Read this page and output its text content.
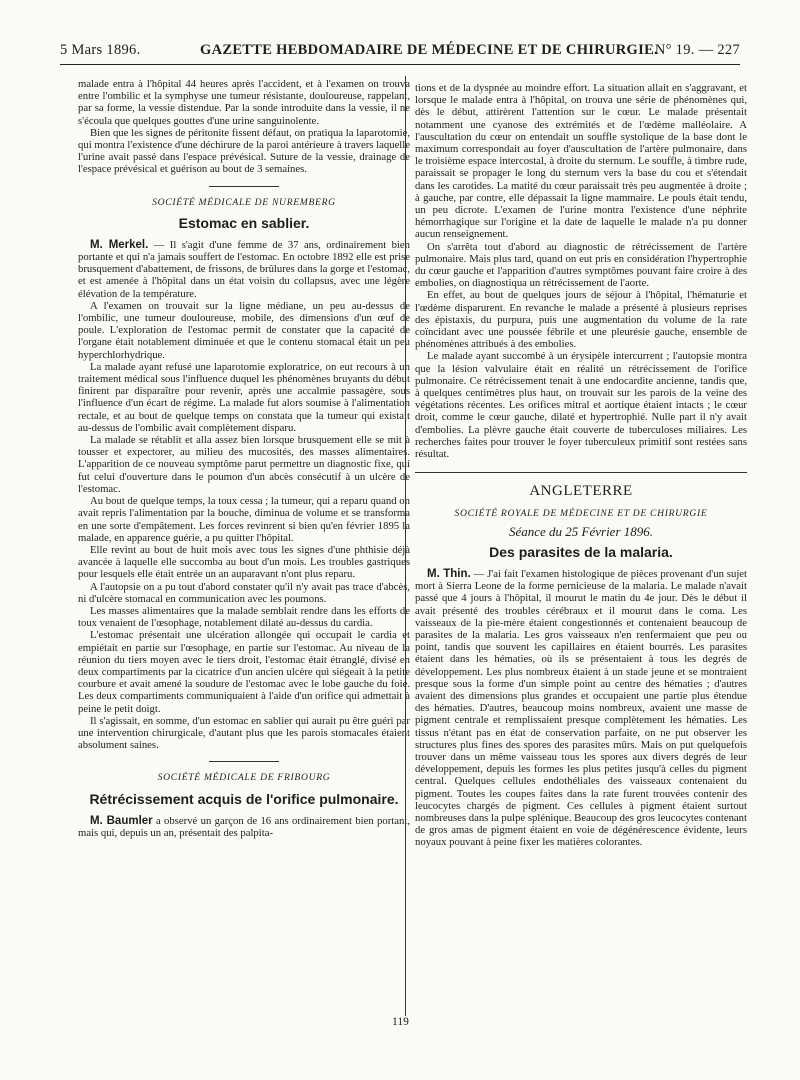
5 Mars 1896.	GAZETTE HEBDOMADAIRE DE MÉDECINE ET DE CHIRURGIE.
N° 19. — 227

malade entra à l'hôpital 44 heures après l'accident, et à l'examen on trouva entre l'ombilic et la symphyse une tumeur résistante, douloureuse, rappelant, par sa forme, la vessie distendue. Par la sonde introduite dans la vessie, il ne s'écoula que quelques gouttes d'une urine sanguinolente.

Bien que les signes de péritonite fissent défaut, on pratiqua la laparotomie, qui montra l'existence d'une déchirure de la paroi antérieure à travers laquelle l'urine avait passé dans l'espace prévésical. Suture de la vessie, drainage de l'espace prévésical et guérison au bout de 3 semaines.

SOCIÉTÉ MÉDICALE DE NUREMBERG
Estomac en sablier.

M. Merkel. — Il s'agit d'une femme de 37 ans, ordinairement bien portante et qui n'a jamais souffert de l'estomac. En octobre 1892 elle est prise brusquement d'abattement, de frissons, de brûlures dans la gorge et l'estomac, et est amenée à l'hôpital dans un état voisin du collapsus, avec une légère élévation de la température.

A l'examen on trouvait sur la ligne médiane, un peu au-dessus de l'ombilic, une tumeur douloureuse, mobile, des dimensions d'un œuf de poule. L'exploration de l'estomac permit de constater que la capacité de l'organe était notablement diminuée et que le contenu stomacal était un peu hyperchlorhydrique.

La malade ayant refusé une laparotomie exploratrice, on eut recours à un traitement médical sous l'influence duquel les phénomènes bruyants du début finirent par disparaître pour revenir, après une accalmie passagère, sous l'influence d'un écart de régime. La malade fut alors soumise à l'alimentation rectale, et au bout de quelque temps on constata que la tumeur qui existait au-dessus de l'ombilic avait complètement disparu.

La malade se rétablit et alla assez bien lorsque brusquement elle se mit à tousser et expectorer, au milieu des mucosités, des masses alimentaires. L'apparition de ce nouveau symptôme parut permettre un diagnostic fixe, qui fut celui d'ouverture dans le poumon d'un abcès consécutif à un ulcère de l'estomac.

Au bout de quelque temps, la toux cessa ; la tumeur, qui a reparu quand on avait repris l'alimentation par la bouche, diminua de volume et se transforma en une sorte d'empâtement. Les forces revinrent si bien qu'en février 1895 la malade, en apparence guérie, a pu quitter l'hôpital.

Elle revint au bout de huit mois avec tous les signes d'une phthisie déjà avancée à laquelle elle succomba au bout d'un mois. Les troubles gastriques pour lesquels elle était entrée un an auparavant n'ont plus reparu.

A l'autopsie on a pu tout d'abord constater qu'il n'y avait pas trace d'abcès, ni d'ulcère stomacal en communication avec les poumons.

Les masses alimentaires que la malade semblait rendre dans les efforts de toux venaient de l'œsophage, notablement dilaté au-dessus du cardia.

L'estomac présentait une ulcération allongée qui occupait le cardia et empiétait en partie sur l'œsophage, en partie sur l'estomac. Au niveau de la réunion du tiers moyen avec le tiers droit, l'estomac était étranglé, divisé en deux compartiments par la cicatrice d'un ancien ulcère qui siégeait à la petite courbure et avait amené la soudure de l'estomac avec le lobe gauche du foie. Les deux compartiments communiquaient à l'aide d'un orifice qui admettait à peine le petit doigt.

Il s'agissait, en somme, d'un estomac en sablier qui aurait pu être guéri par une intervention chirurgicale, d'autant plus que les parois stomacales étaient absolument saines.

SOCIÉTÉ MÉDICALE DE FRIBOURG
Rétrécissement acquis de l'orifice pulmonaire.

M. Baumler a observé un garçon de 16 ans ordinairement bien portant, mais qui, depuis un an, présentait des palpita-

tions et de la dyspnée au moindre effort. La situation allait en s'aggravant, et lorsque le malade entra à l'hôpital, on trouva une série de phénomènes qui, dès le début, attirèrent l'attention sur le cœur. Le malade présentait notamment une cyanose des extrémités et de l'œdème malléolaire. A l'auscultation du cœur on entendait un souffle systolique de la base dont le maximum correspondait au foyer d'auscultation de l'artère pulmonaire, dans le troisième espace intercostal, à droite du sternum. Le souffle, à timbre rude, paraissait se propager le long du sternum vers la base du cou et s'étendait dans les carotides. La matité du cœur paraissait très peu augmentée à droite ; à gauche, par contre, elle dépassait la ligne mammaire. Le pouls était tendu, un peu dicrote. L'examen de l'urine montra l'existence d'une néphrite hémorrhagique sur l'origine et la date de laquelle le malade n'a pu donner aucun renseignement.

On s'arrêta tout d'abord au diagnostic de rétrécissement de l'artère pulmonaire. Mais plus tard, quand on eut pris en considération l'hypertrophie du cœur gauche et l'apparition d'autres symptômes pouvant faire croire à des embolies, on diagnostiqua un rétrécissement de l'aorte.

En effet, au bout de quelques jours de séjour à l'hôpital, l'hématurie et l'œdème disparurent. En revanche le malade a présenté à plusieurs reprises des épistaxis, du purpura, puis une augmentation du volume de la rate coïncidant avec une poussée fébrile et une pleurésie gauche, ensemble de phénomènes attribués à des embolies.

Le malade ayant succombé à un érysipèle intercurrent ; l'autopsie montra que la lésion valvulaire était en réalité un rétrécissement de l'orifice pulmonaire. Ce rétrécissement tenait à une endocardite ancienne, tandis que, à quelques centimètres plus haut, on trouvait sur les parois de la veine des végétations récentes. Les orifices mitral et aortique étaient intacts ; le cœur droit, comme le cœur gauche, dilaté et hypertrophié. Nulle part il n'y avait d'embolies. La plèvre gauche était couverte de tuberculoses miliaires. Les recherches faites pour trouver le foyer tuberculeux primitif sont restées sans résultat.

ANGLETERRE
SOCIÉTÉ ROYALE DE MÉDECINE ET DE CHIRURGIE
Séance du 25 Février 1896.
Des parasites de la malaria.

M. Thin. — J'ai fait l'examen histologique de pièces provenant d'un sujet mort à Sierra Leone de la forme pernicieuse de la malaria. Le malade n'avait passé que 4 jours à l'hôpital, il mourut le matin du 4e jour. Dès le début il avait présenté des troubles cérébraux et il mourut dans le coma. Les vaisseaux de la pie-mère étaient congestionnés et contenaient beaucoup de parasites de la malaria. Les gros vaisseaux n'en renfermaient que peu ou point, tandis que souvent les capillaires en étaient bourrés. Les parasites étaient dans les hématies, où ils se présentaient à tous les degrés de développement. Les plus nombreux étaient à un stade jeune et se montraient presque sous la forme d'un simple point au centre des hématies ; d'autres avaient des dimensions plus grandes et occupaient une partie plus étendue des hématies. D'autres, beaucoup moins nombreux, avaient une masse de pigment centrale et remplissaient presque complètement les hématies. Les tissus n'étant pas en état de conservation parfaite, on ne put observer les structures plus fines des spores des parasites mûrs. Mais on put quelquefois trouver dans un même vaisseau tous les spores aux divers degrés de leur développement, depuis les formes les plus petites jusqu'à celles du pigment central. Quelques cellules endothéliales des vaisseaux contenaient du pigment. Toutes les coupes faites dans la rate furent trouvées contenir des leucocytes chargés de pigment. Ces cellules à pigment étaient surtout nombreuses dans la pulpe splénique. Beaucoup des gros leucocytes contenant de gros amas de pigment étaient en voie de dégénérescence évidente, leurs noyaux pouvant à peine fixer les matières colorantes.

119
